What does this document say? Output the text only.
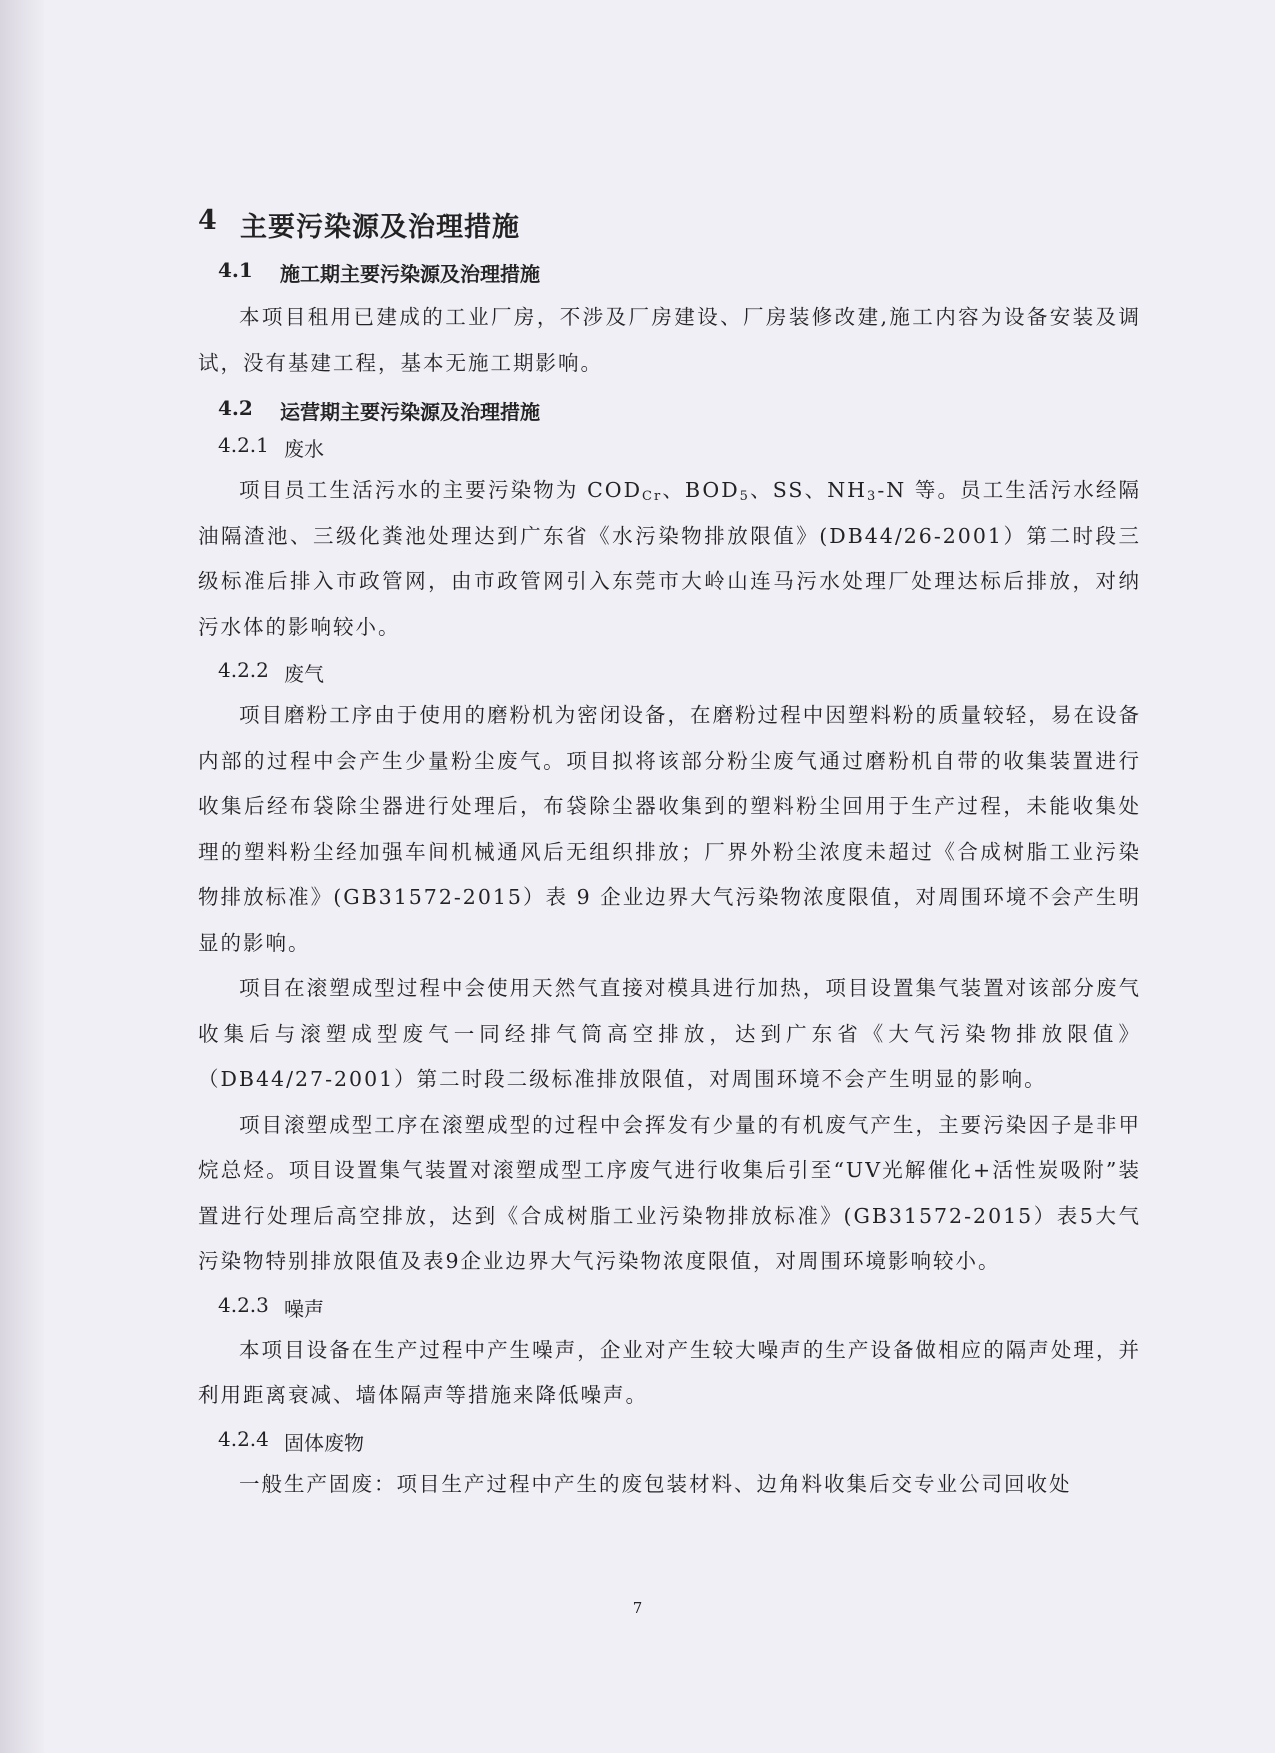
4 主要污染源及治理措施
4.1	施工期主要污染源及治理措施

本项目租用已建成的工业厂房，不涉及厂房建设、厂房装修改建,施工内容为设备安装及调试，没有基建工程，基本无施工期影响。

4.2	运营期主要污染源及治理措施
4.2.1 废水

项目员工生活污水的主要污染物为 $COD_{Cr}$、$BOD_5$、SS、$NH_3-N$ 等。员工生活污水经隔油隔渣池、三级化粪池处理达到广东省《水污染物排放限值》(DB44/26-2001）第二时段三级标准后排入市政管网，由市政管网引入东莞市大岭山连马污水处理厂处理达标后排放，对纳污水体的影响较小。

4.2.2 废气

项目磨粉工序由于使用的磨粉机为密闭设备，在磨粉过程中因塑料粉的质量较轻，易在设备内部的过程中会产生少量粉尘废气。项目拟将该部分粉尘废气通过磨粉机自带的收集装置进行收集后经布袋除尘器进行处理后，布袋除尘器收集到的塑料粉尘回用于生产过程，未能收集处理的塑料粉尘经加强车间机械通风后无组织排放；厂界外粉尘浓度未超过《合成树脂工业污染物排放标准》(GB31572-2015）表 9 企业边界大气污染物浓度限值，对周围环境不会产生明显的影响。

项目在滚塑成型过程中会使用天然气直接对模具进行加热，项目设置集气装置对该部分废气收集后与滚塑成型废气一同经排气筒高空排放，达到广东省《大气污染物排放限值》（DB44/27-2001）第二时段二级标准排放限值，对周围环境不会产生明显的影响。

项目滚塑成型工序在滚塑成型的过程中会挥发有少量的有机废气产生，主要污染因子是非甲烷总烃。项目设置集气装置对滚塑成型工序废气进行收集后引至“UV光解催化+活性炭吸附”装置进行处理后高空排放，达到《合成树脂工业污染物排放标准》(GB31572-2015）表5大气污染物特别排放限值及表9企业边界大气污染物浓度限值，对周围环境影响较小。

4.2.3 噪声

本项目设备在生产过程中产生噪声，企业对产生较大噪声的生产设备做相应的隔声处理，并利用距离衰减、墙体隔声等措施来降低噪声。

4.2.4 固体废物

一般生产固废：项目生产过程中产生的废包装材料、边角料收集后交专业公司回收处

7
